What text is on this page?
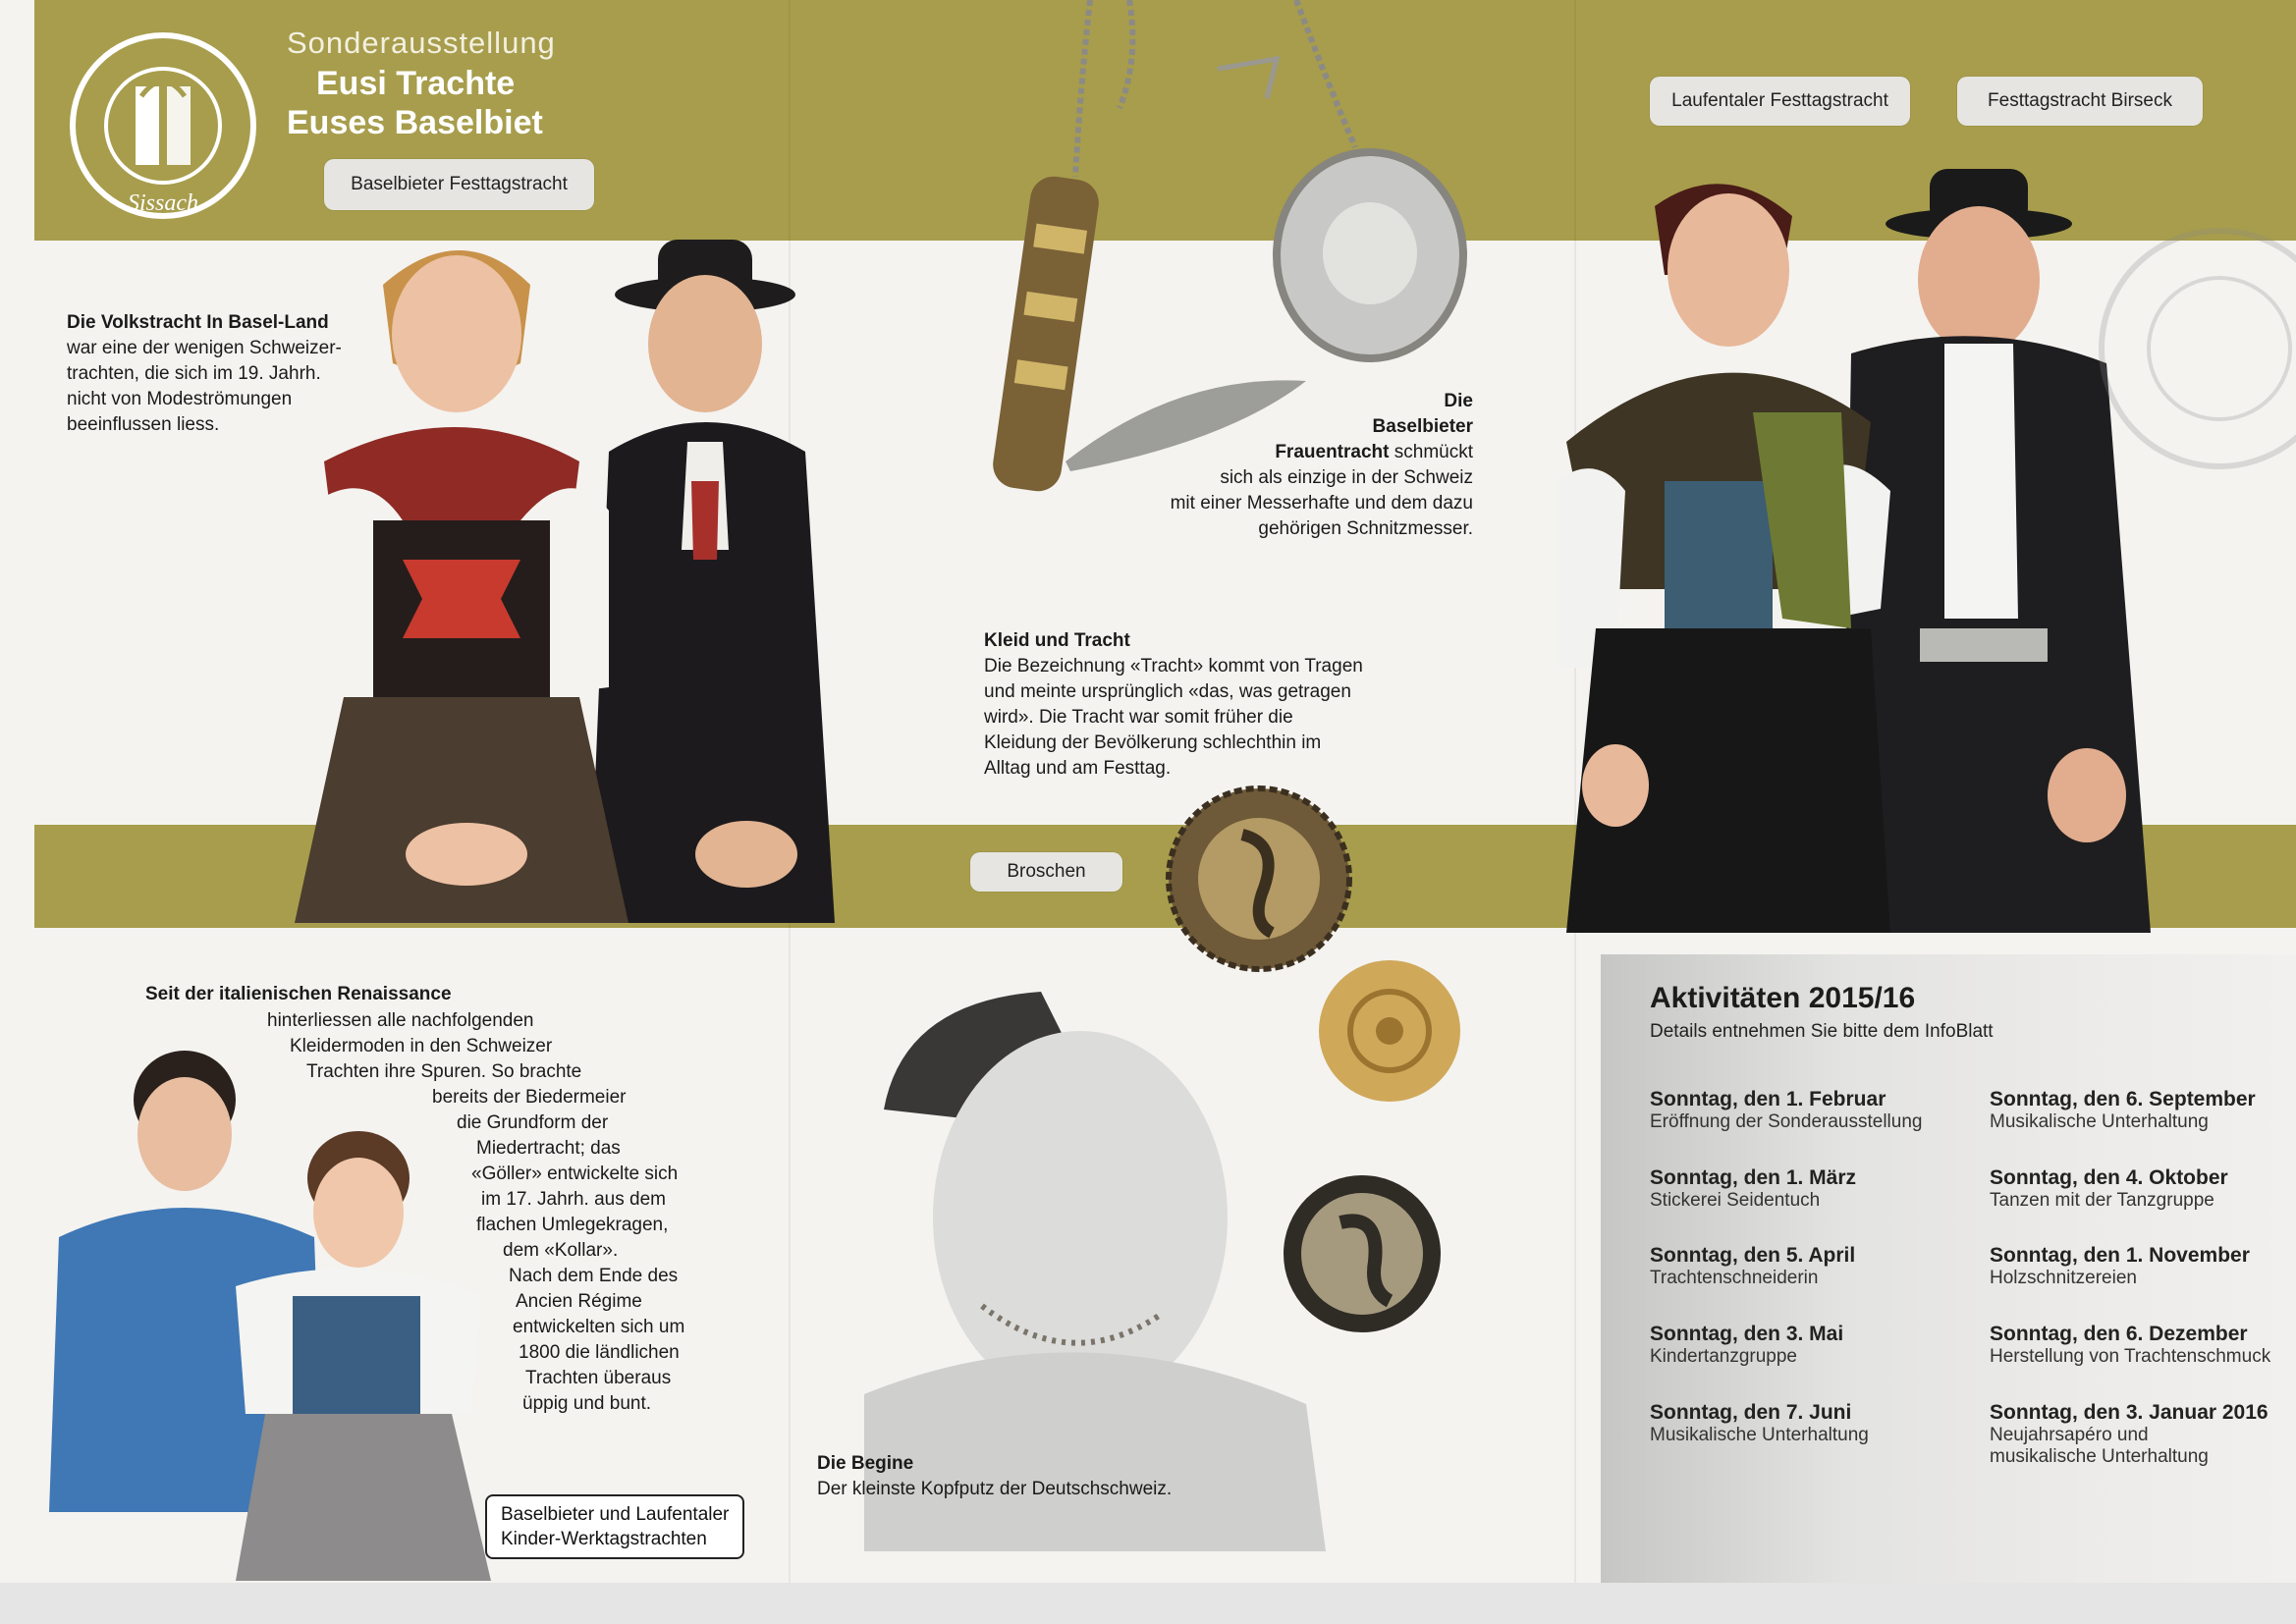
Sissach
Sonderausstellung
Eusi Trachte
Euses Baselbiet
Baselbieter Festtagstracht
Laufentaler Festtagstracht	Festtagstracht Birseck
Broschen
Die Volkstracht In Basel-Land
war eine der wenigen Schweizer-
trachten, die sich im 19. Jahrh.
nicht von Modeströmungen
beeinflussen liess.
Die
Baselbieter
Frauentracht schmückt
sich als einzige in der Schweiz
mit einer Messerhafte und dem dazu
gehörigen Schnitzmesser.
Kleid und Tracht
Die Bezeichnung «Tracht» kommt von Tragen
und meinte ursprünglich «das, was getragen
wird». Die Tracht war somit früher die
Kleidung der Bevölkerung schlechthin im
Alltag und am Festtag.
Seit der italienischen Renaissance
hinterliessen alle nachfolgenden
Kleidermoden in den Schweizer
Trachten ihre Spuren. So brachte
bereits der Biedermeier
die Grundform der
Miedertracht; das
«Göller» entwickelte sich
im 17. Jahrh. aus dem
flachen Umlegekragen,
dem «Kollar».
Nach dem Ende des
Ancien Régime
entwickelten sich um
1800 die ländlichen
Trachten überaus
üppig und bunt.
Baselbieter und Laufentaler
Kinder-Werktagstrachten
Die Begine
Der kleinste Kopfputz der Deutschschweiz.
Aktivitäten 2015/16
Details entnehmen Sie bitte dem InfoBlatt
Sonntag, den 1. Februar
Eröffnung der Sonderausstellung
Sonntag, den 1. März
Stickerei Seidentuch
Sonntag, den 5. April
Trachtenschneiderin
Sonntag, den 3. Mai
Kindertanzgruppe
Sonntag, den 7. Juni
Musikalische Unterhaltung
Sonntag, den 6. September
Musikalische Unterhaltung
Sonntag, den 4. Oktober
Tanzen mit der Tanzgruppe
Sonntag, den 1. November
Holzschnitzereien
Sonntag, den 6. Dezember
Herstellung von Trachtenschmuck
Sonntag, den 3. Januar 2016
Neujahrsapéro und
musikalische Unterhaltung
